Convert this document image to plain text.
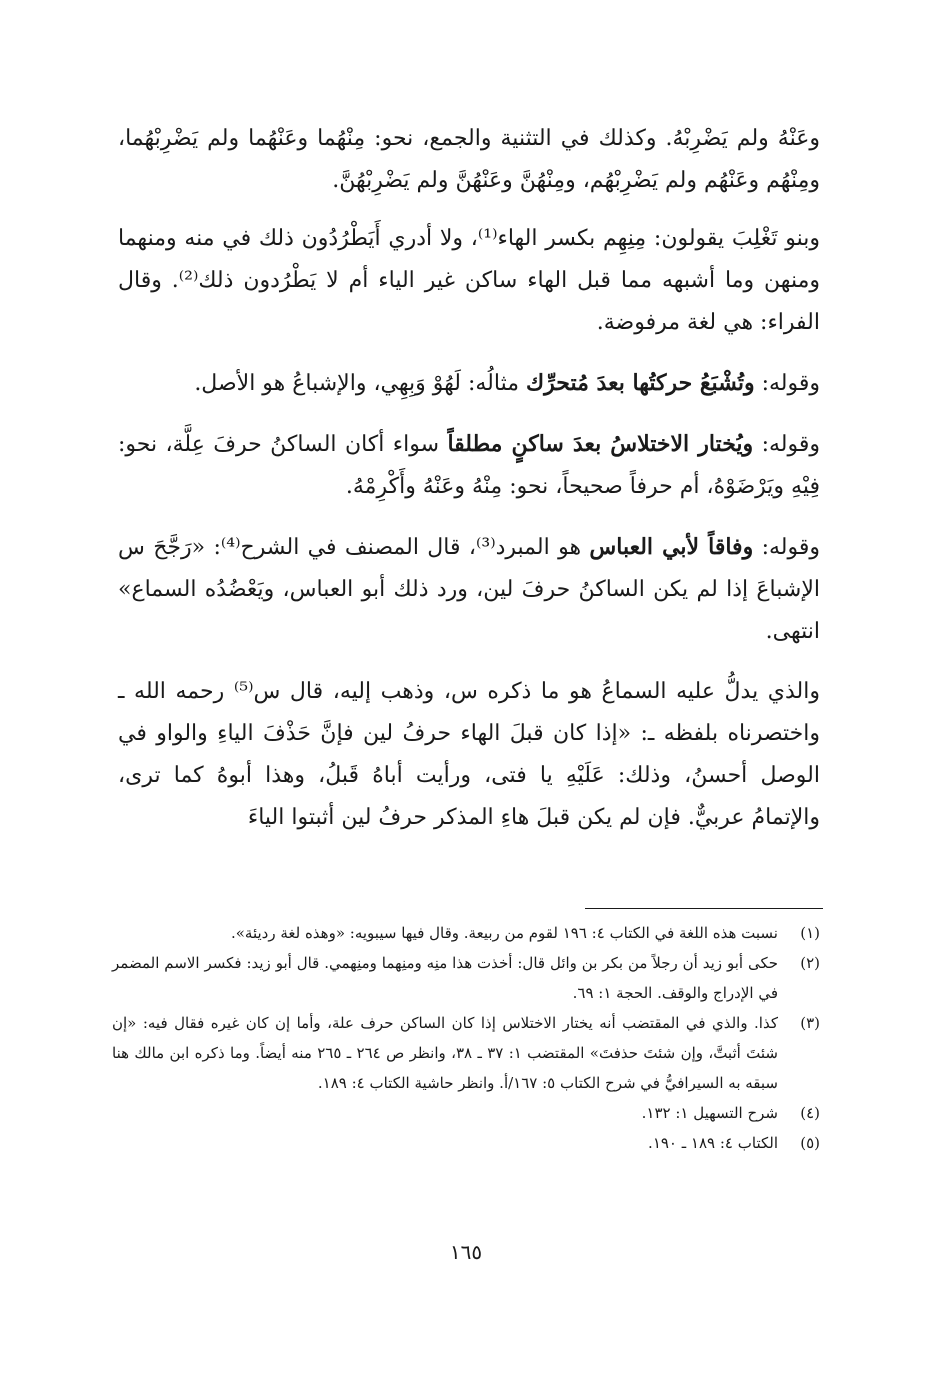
وعَنْهُ ولم يَضْرِبْهُ. وكذلك في التثنية والجمع، نحو: مِنْهُما وعَنْهُما ولم يَضْرِبْهُما، ومِنْهُم وعَنْهُم ولم يَضْرِبْهُم، ومِنْهُنَّ وعَنْهُنَّ ولم يَضْرِبْهُنَّ.

وبنو تَغْلِبَ يقولون: مِنِهِم بكسر الهاء⁽¹⁾، ولا أدري أَيَطْرُدُون ذلك في منه ومنهما ومنهن وما أشبهه مما قبل الهاء ساكن غير الياء أم لا يَطْرُدون ذلك⁽²⁾. وقال الفراء: هي لغة مرفوضة.

وقوله: وتُشْبَعُ حركتُها بعدَ مُتحرِّك مثالُه: لَهُوْ وَبِهِي، والإشباعُ هو الأصل.

وقوله: ويُختار الاختلاسُ بعدَ ساكنٍ مطلقاً سواء أكان الساكنُ حرفَ عِلَّة، نحو: فِيْهِ ويَرْضَوْهُ، أم حرفاً صحيحاً، نحو: مِنْهُ وعَنْهُ وأَكْرِمْهُ.

وقوله: وفاقاً لأبي العباس هو المبرد⁽³⁾، قال المصنف في الشرح⁽⁴⁾: «رَجَّحَ س الإشباعَ إذا لم يكن الساكنُ حرفَ لين، ورد ذلك أبو العباس، ويَعْضُدُه السماع» انتهى.

والذي يدلُّ عليه السماعُ هو ما ذكره س، وذهب إليه، قال س⁽⁵⁾ رحمه الله ـ واختصرناه بلفظه ـ: «إذا كان قبلَ الهاء حرفُ لين فإنَّ حَذْفَ الياءِ والواو في الوصل أحسنُ، وذلك: عَلَيْهِ يا فتى، ورأيت أباهُ قَبلُ، وهذا أبوهُ كما ترى، والإتمامُ عربيٌّ. فإن لم يكن قبلَ هاءِ المذكر حرفُ لين أثبتوا الياءَ

(١)
نسبت هذه اللغة في الكتاب ٤: ١٩٦ لقوم من ربيعة. وقال فيها سيبويه: «وهذه لغة رديئة».
(٢)
حكى أبو زيد أن رجلاً من بكر بن وائل قال: أخذت هذا منِه ومنِهما ومنِهمي. قال أبو زيد: فكسر الاسم المضمر في الإدراج والوقف. الحجة ١: ٦٩.
(٣)
كذا. والذي في المقتضب أنه يختار الاختلاس إذا كان الساكن حرف علة، وأما إن كان غيره فقال فيه: «إن شئتَ أثبتَّ، وإن شئتَ حذفتَ» المقتضب ١: ٣٧ ـ ٣٨، وانظر ص ٢٦٤ ـ ٢٦٥ منه أيضاً. وما ذكره ابن مالك هنا سبقه به السيرافيُّ في شرح الكتاب ٥: ١٦٧/أ. وانظر حاشية الكتاب ٤: ١٨٩.
(٤)
شرح التسهيل ١: ١٣٢.
(٥)
الكتاب ٤: ١٨٩ ـ ١٩٠.
١٦٥
